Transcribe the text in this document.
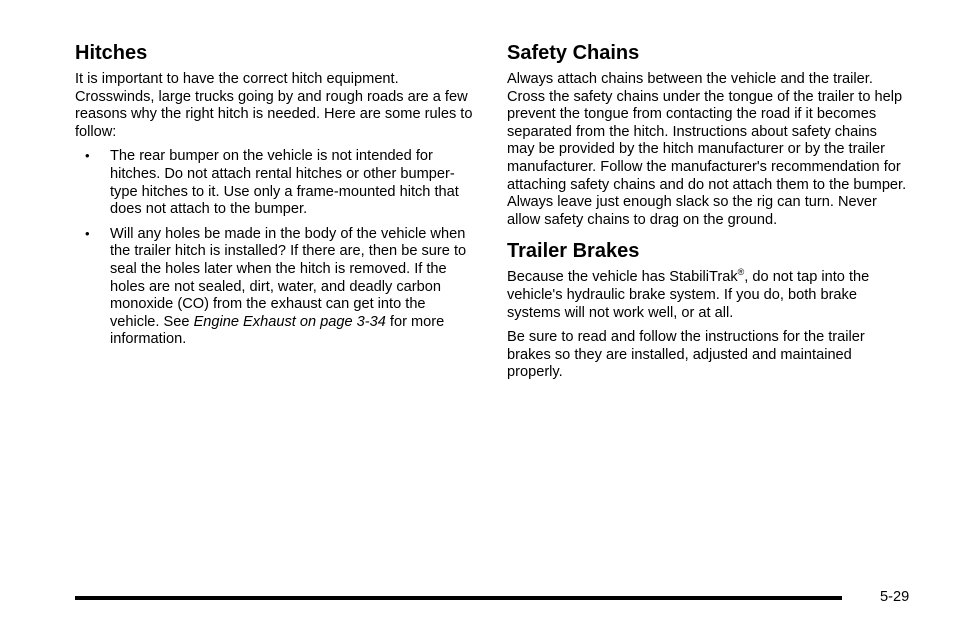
Hitches

It is important to have the correct hitch equipment. Crosswinds, large trucks going by and rough roads are a few reasons why the right hitch is needed. Here are some rules to follow:

• The rear bumper on the vehicle is not intended for hitches. Do not attach rental hitches or other bumper-type hitches to it. Use only a frame-mounted hitch that does not attach to the bumper.
• Will any holes be made in the body of the vehicle when the trailer hitch is installed? If there are, then be sure to seal the holes later when the hitch is removed. If the holes are not sealed, dirt, water, and deadly carbon monoxide (CO) from the exhaust can get into the vehicle. See Engine Exhaust on page 3-34 for more information.
Safety Chains

Always attach chains between the vehicle and the trailer. Cross the safety chains under the tongue of the trailer to help prevent the tongue from contacting the road if it becomes separated from the hitch. Instructions about safety chains may be provided by the hitch manufacturer or by the trailer manufacturer. Follow the manufacturer's recommendation for attaching safety chains and do not attach them to the bumper. Always leave just enough slack so the rig can turn. Never allow safety chains to drag on the ground.

Trailer Brakes

Because the vehicle has StabiliTrak®, do not tap into the vehicle's hydraulic brake system. If you do, both brake systems will not work well, or at all.

Be sure to read and follow the instructions for the trailer brakes so they are installed, adjusted and maintained properly.

5-29
